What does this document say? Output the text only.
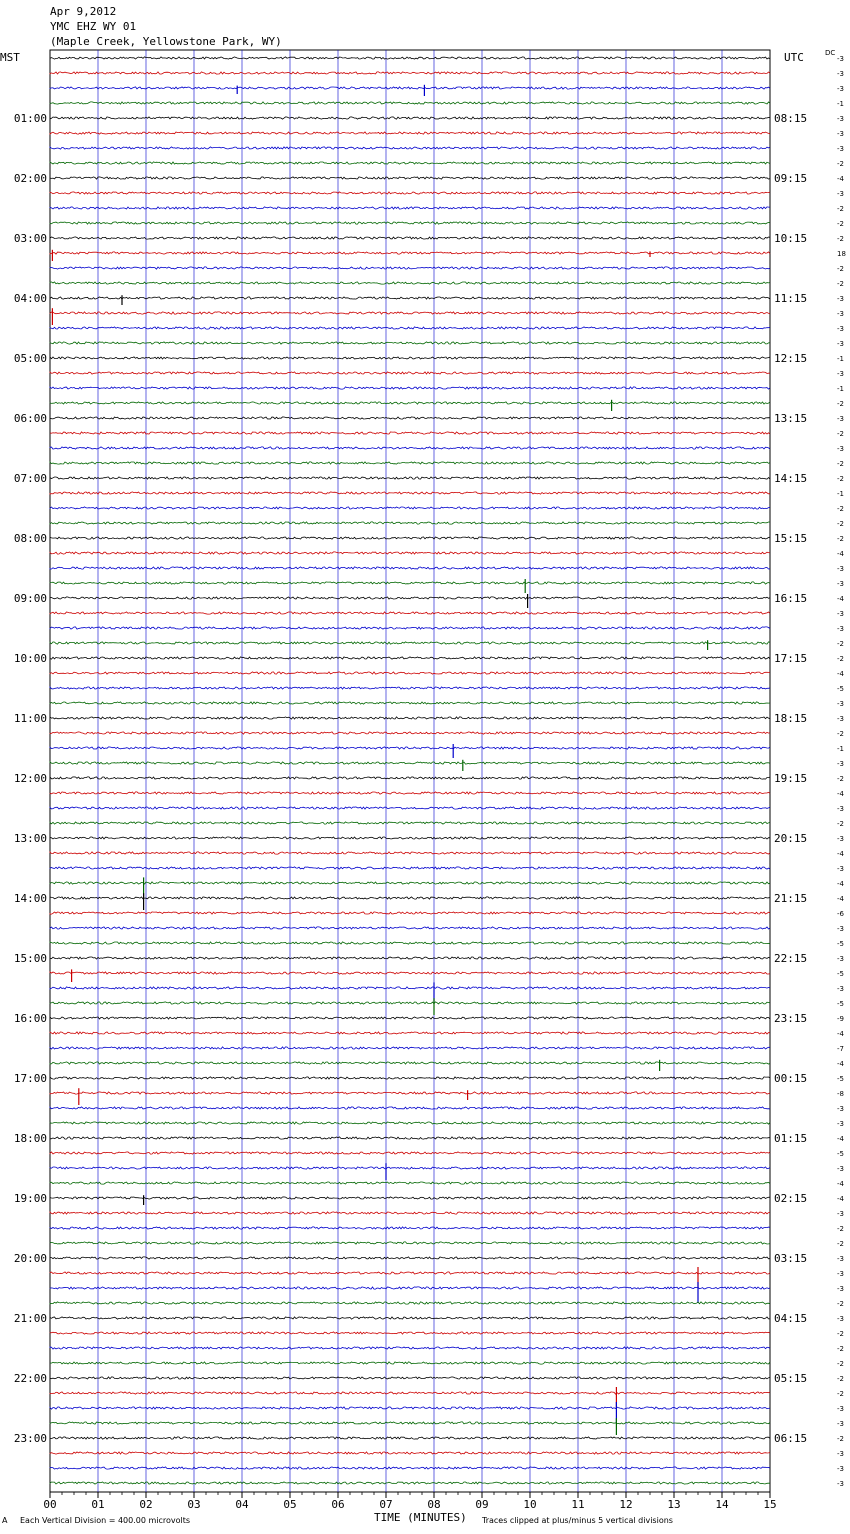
Apr 9,2012
YMC EHZ WY 01
(Maple Creek, Yellowstone Park, WY)
MST	UTC	DC
-3
-3
-3
-1
-3
-3
-3
-2
-4
-3
-2
-2
-2
18
-2
-2
-3
-3
-3
-3
-1
-3
-1
-2
-3
-2
-3
-2
-2
-1
-2
-2
-2
-4
-3
-3
-4
-3
-3
-2
-2
-4
-5
-3
-3
-2
-1
-3
-2
-4
-3
-2
-3
-4
-3
-4
-4
-6
-3
-5
-3
-5
-3
-5
-9
-4
-7
-4
-5
-8
-3
-3
-4
-5
-3
-4
-4
-3
-2
-2
-3
-3
-3
-2
-3
-2
-2
-2
-2
-2
-3
-3
-2
-3
-3
-3
01:00
02:00
03:00
04:00
05:00
06:00
07:00
08:00
09:00
10:00
11:00
12:00
13:00
14:00
15:00
16:00
17:00
18:00
19:00
20:00
21:00
22:00
23:00
08:15
09:15
10:15
11:15
12:15
13:15
14:15
15:15
16:15
17:15
18:15
19:15
20:15
21:15
22:15
23:15
00:15
01:15
02:15
03:15
04:15
05:15
06:15
00	01	02	03	04	05	06	07	08	09	10	11	12	13	14	15
A Each Vertical Division = 400.00 microvolts	TIME (MINUTES) Traces clipped at plus/minus 5 vertical divisions
